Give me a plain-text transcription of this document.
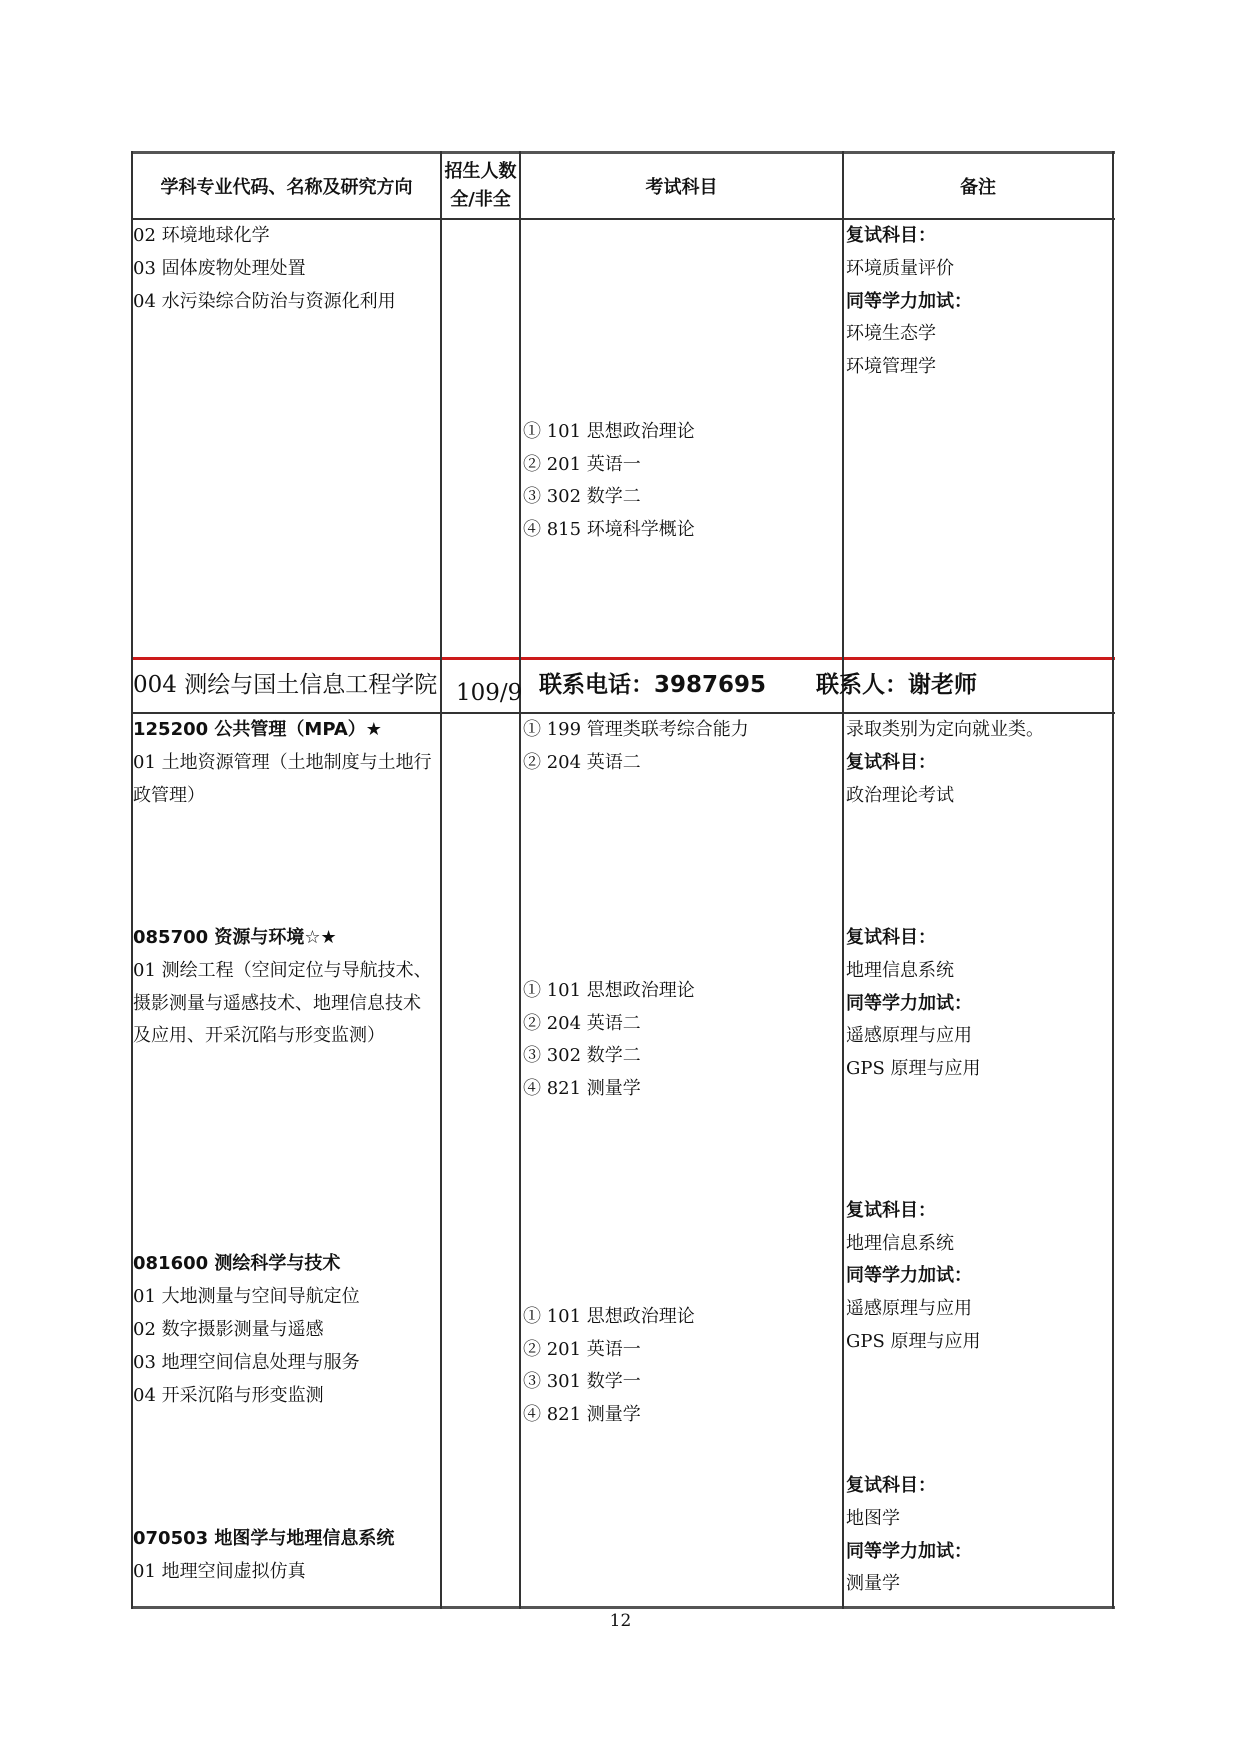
学科专业代码、名称及研究方向
招生人数
全/非全
考试科目	备注
02 环境地球化学
03 固体废物处理处置
04 水污染综合防治与资源化利用
① 101 思想政治理论
② 201 英语一
③ 302 数学二
④ 815 环境科学概论
复试科目：
环境质量评价
同等学力加试：
环境生态学
环境管理学
004 测绘与国土信息工程学院 109/9 联系电话：3987695 联系人：谢老师
125200 公共管理（MPA）★
01 土地资源管理（土地制度与土地行
政管理）
① 199 管理类联考综合能力
② 204 英语二
录取类别为定向就业类。
复试科目：
政治理论考试
085700 资源与环境☆★
01 测绘工程（空间定位与导航技术、
摄影测量与遥感技术、地理信息技术
及应用、开采沉陷与形变监测）
① 101 思想政治理论
② 204 英语二
③ 302 数学二
④ 821 测量学
复试科目：
地理信息系统
同等学力加试：
遥感原理与应用
GPS 原理与应用
081600 测绘科学与技术
01 大地测量与空间导航定位
02 数字摄影测量与遥感
03 地理空间信息处理与服务
04 开采沉陷与形变监测
① 101 思想政治理论
② 201 英语一
③ 301 数学一
④ 821 测量学
复试科目：
地理信息系统
同等学力加试：
遥感原理与应用
GPS 原理与应用
070503 地图学与地理信息系统
01 地理空间虚拟仿真
复试科目：
地图学
同等学力加试：
测量学
12
